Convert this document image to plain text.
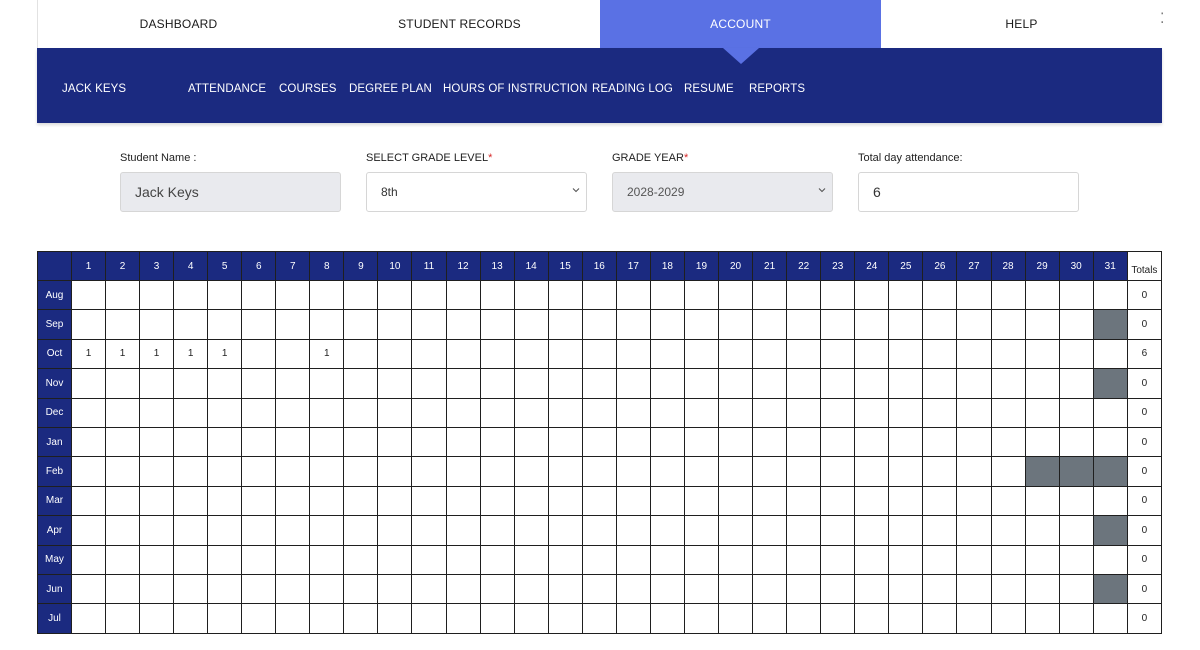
DASHBOARD	STUDENT RECORDS	ACCOUNT	HELP
JACK KEYS	ATTENDANCE COURSES DEGREE PLAN HOURS OF INSTRUCTION READING LOG RESUME REPORTS
Student Name :
Jack Keys
SELECT GRADE LEVEL*
8th
GRADE YEAR*
2028-2029
Total day attendance:
6
	1	2	3	4	5	6	7	8	9	10	11	12	13	14	15	16	17	18	19	20	21	22	23	24	25	26	27	28	29	30	31	Totals
Aug																																0
Sep																																0
Oct	1	1	1	1	1			1																								6
Nov																																0
Dec																																0
Jan																																0
Feb																																0
Mar																																0
Apr																																0
May																																0
Jun																																0
Jul																																0
⁚
